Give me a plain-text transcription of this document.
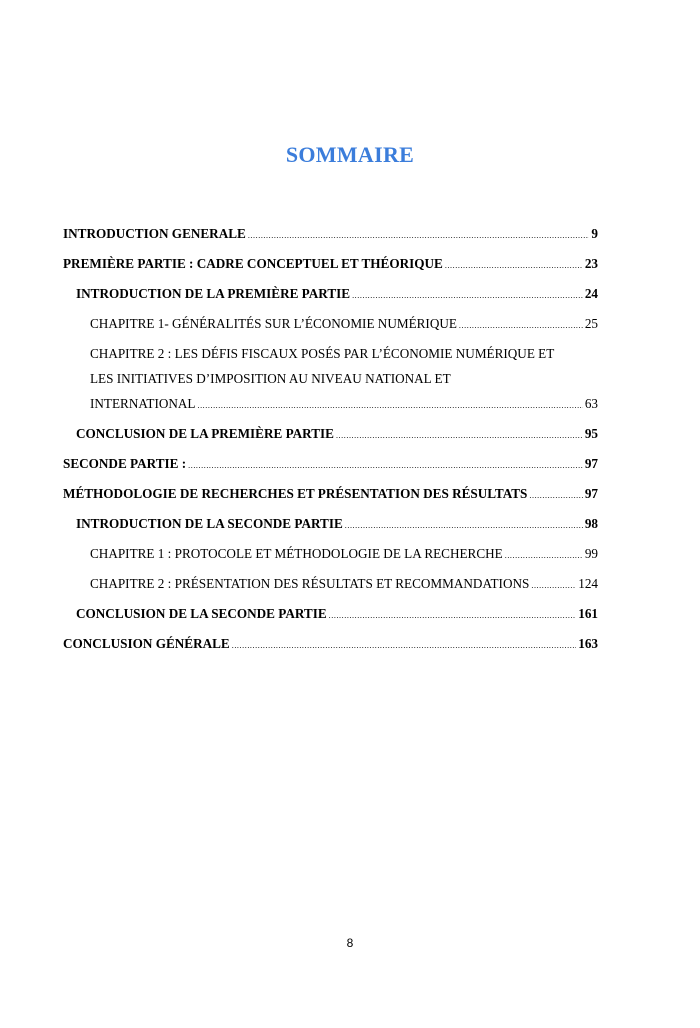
SOMMAIRE
INTRODUCTION GENERALE .....	9
PREMIÈRE PARTIE : CADRE CONCEPTUEL ET THÉORIQUE .....	23
INTRODUCTION DE LA PREMIÈRE PARTIE .....	24
CHAPITRE 1- GÉNÉRALITÉS SUR L’ÉCONOMIE NUMÉRIQUE .....	25
CHAPITRE 2 : LES DÉFIS FISCAUX POSÉS PAR L’ÉCONOMIE NUMÉRIQUE ET
LES INITIATIVES D’IMPOSITION AU NIVEAU NATIONAL ET
INTERNATIONAL .....	63
CONCLUSION DE LA PREMIÈRE PARTIE .....	95
SECONDE PARTIE : .....	97
MÉTHODOLOGIE DE RECHERCHES ET PRÉSENTATION DES RÉSULTATS .....	97
INTRODUCTION DE LA SECONDE PARTIE .....	98
CHAPITRE 1 : PROTOCOLE ET MÉTHODOLOGIE DE LA RECHERCHE .....	99
CHAPITRE 2 : PRÉSENTATION DES RÉSULTATS ET RECOMMANDATIONS .....	124
CONCLUSION DE LA SECONDE PARTIE .....	161
CONCLUSION GÉNÉRALE .....	163
8
